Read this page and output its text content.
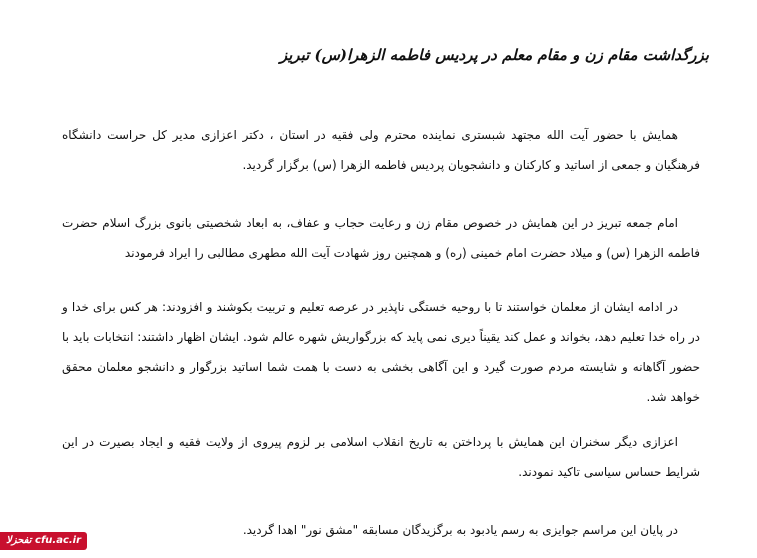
بزرگداشت مقام زن و مقام معلم در پردیس فاطمه الزهرا(س) تبریز

همایش با حضور آیت الله مجتهد شبستری نماینده محترم ولی فقیه در استان ، دکتر اعزازی مدیر کل حراست دانشگاه فرهنگیان و جمعی از اساتید و کارکنان و دانشجویان پردیس فاطمه الزهرا (س) برگزار گردید.

امام جمعه تبریز در این همایش در خصوص مقام زن و رعایت حجاب و عفاف، به ابعاد شخصیتی بانوی بزرگ اسلام حضرت فاطمه الزهرا (س) و میلاد حضرت امام خمینی (ره) و همچنین روز شهادت آیت الله مطهری مطالبی را ایراد فرمودند

در ادامه ایشان از معلمان خواستند تا با روحیه خستگی ناپذیر در عرصه تعلیم و تربیت بکوشند و افزودند: هر کس برای خدا و در راه خدا تعلیم دهد، بخواند و عمل کند یقیناً دیری نمی پاید که بزرگواریش شهره عالم شود. ایشان اظهار داشتند: انتخابات باید با حضور آگاهانه و شایسته مردم صورت گیرد و این آگاهی بخشی به دست با همت شما اساتید بزرگوار و دانشجو معلمان محقق خواهد شد.

اعزازی دیگر سخنران این همایش با پرداختن به تاریخ انقلاب اسلامی بر لزوم پیروی از ولایت فقیه و ایجاد بصیرت در این شرایط حساس سیاسی تاکید نمودند.

در پایان این مراسم جوایزی به رسم یادبود به برگزیدگان مسابقه "مشق نور" اهدا گردید.

تفحزلا cfu.ac.ir
